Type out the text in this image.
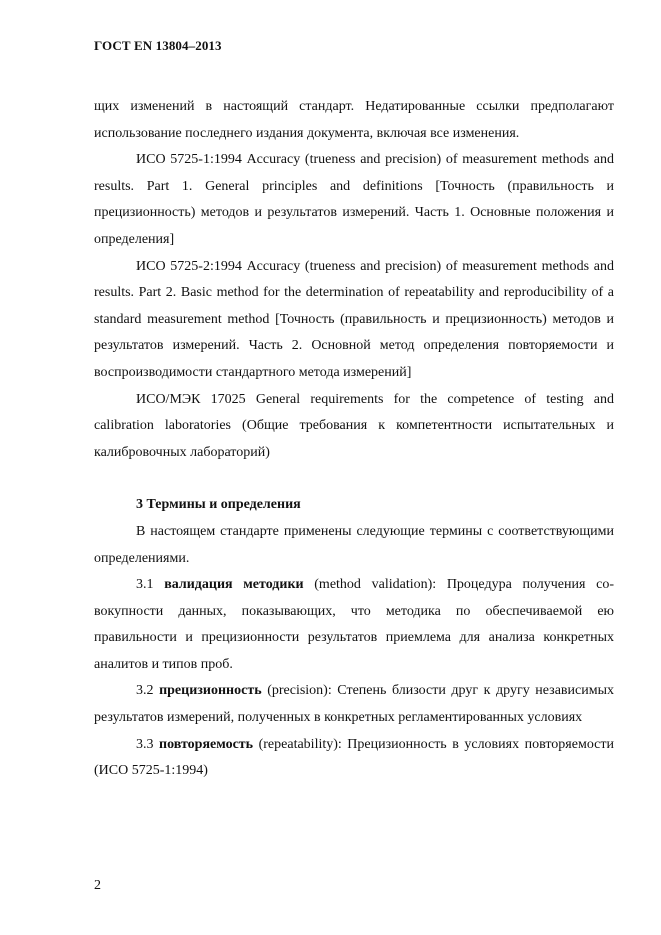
ГОСТ EN 13804–2013

щих изменений в настоящий стандарт. Недатированные ссылки предполагают использование последнего издания документа, включая все изменения.

ИСО 5725-1:1994 Accuracy (trueness and precision) of measurement methods and results. Part 1. General principles and definitions [Точность (правильность и прецизионность) методов и результатов измерений. Часть 1. Основные положения и определения]

ИСО 5725-2:1994 Accuracy (trueness and precision) of measurement methods and results. Part 2. Basic method for the determination of repeatability and reproducibility of a standard measurement method [Точность (правильность и прецизионность) методов и результатов измерений. Часть 2. Основной метод определения повторяемости и воспроизводимости стандартного метода измерений]

ИСО/МЭК 17025 General requirements for the competence of testing and calibration laboratories (Общие требования к компетентности испытательных и калибровочных лабораторий)

3 Термины и определения

В настоящем стандарте применены следующие термины с соответствующими определениями.

3.1 валидация методики (method validation): Процедура получения совокупности данных, показывающих, что методика по обеспечиваемой ею правильности и прецизионности результатов приемлема для анализа конкретных аналитов и типов проб.

3.2 прецизионность (precision): Степень близости друг к другу независимых результатов измерений, полученных в конкретных регламентированных условиях

3.3 повторяемость (repeatability): Прецизионность в условиях повторяемости (ИСО 5725-1:1994)

2
